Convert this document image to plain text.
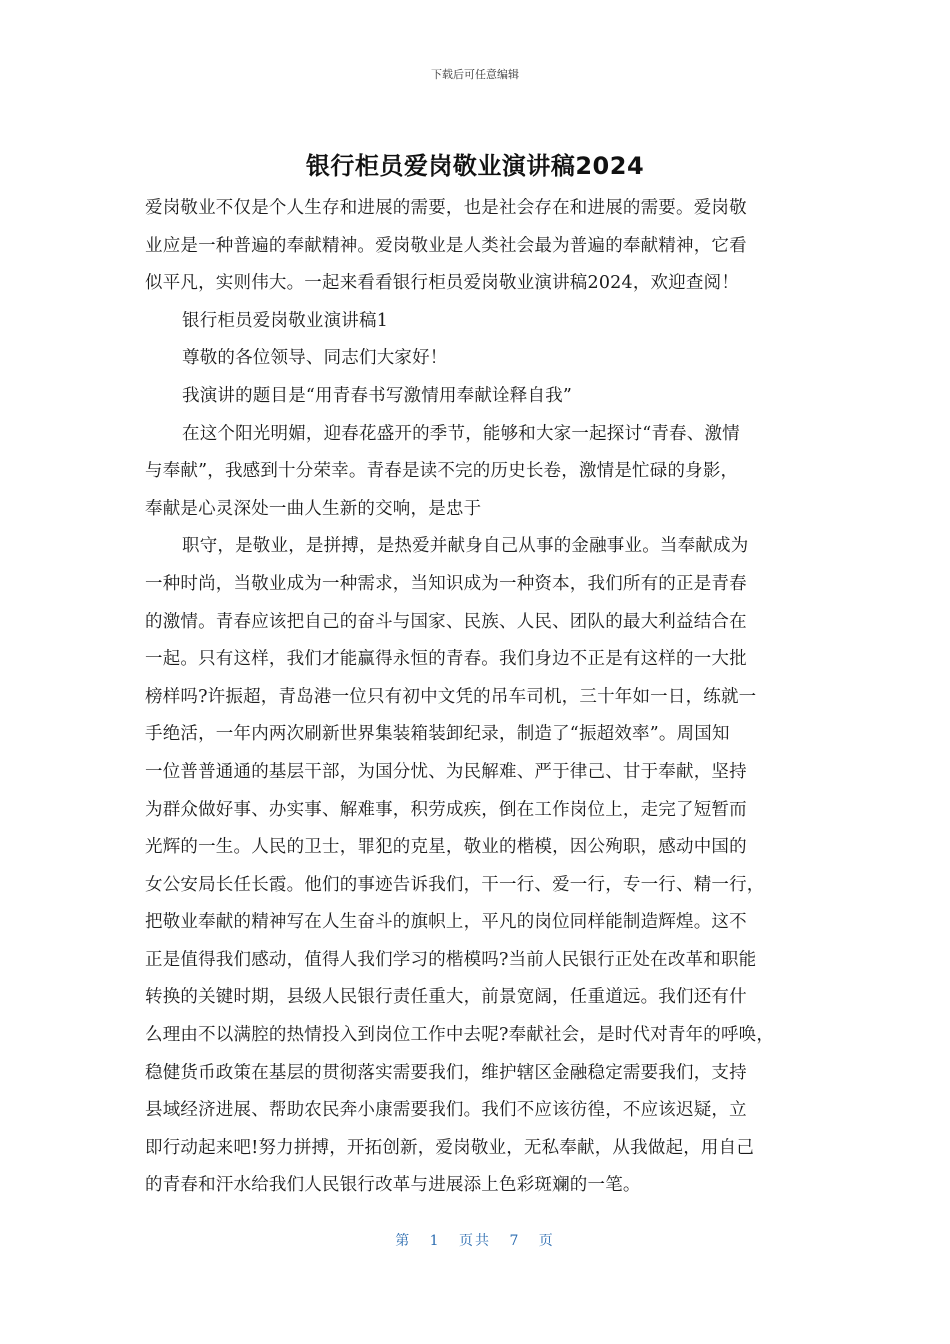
下载后可任意编辑
银行柜员爱岗敬业演讲稿2024
爱岗敬业不仅是个人生存和进展的需要，也是社会存在和进展的需要。爱岗敬
业应是一种普遍的奉献精神。爱岗敬业是人类社会最为普遍的奉献精神，它看
似平凡，实则伟大。一起来看看银行柜员爱岗敬业演讲稿2024，欢迎查阅！
银行柜员爱岗敬业演讲稿1
尊敬的各位领导、同志们大家好！
我演讲的题目是“用青春书写激情用奉献诠释自我”
在这个阳光明媚，迎春花盛开的季节，能够和大家一起探讨“青春、激情
与奉献”，我感到十分荣幸。青春是读不完的历史长卷，激情是忙碌的身影，
奉献是心灵深处一曲人生新的交响，是忠于
职守，是敬业，是拼搏，是热爱并献身自己从事的金融事业。当奉献成为
一种时尚，当敬业成为一种需求，当知识成为一种资本，我们所有的正是青春
的激情。青春应该把自己的奋斗与国家、民族、人民、团队的最大利益结合在
一起。只有这样，我们才能赢得永恒的青春。我们身边不正是有这样的一大批
榜样吗?许振超，青岛港一位只有初中文凭的吊车司机，三十年如一日，练就一
手绝活，一年内两次刷新世界集装箱装卸纪录，制造了“振超效率”。周国知
一位普普通通的基层干部，为国分忧、为民解难、严于律己、甘于奉献，坚持
为群众做好事、办实事、解难事，积劳成疾，倒在工作岗位上，走完了短暂而
光辉的一生。人民的卫士，罪犯的克星，敬业的楷模，因公殉职，感动中国的
女公安局长任长霞。他们的事迹告诉我们，干一行、爱一行，专一行、精一行，
把敬业奉献的精神写在人生奋斗的旗帜上，平凡的岗位同样能制造辉煌。这不
正是值得我们感动，值得人我们学习的楷模吗?当前人民银行正处在改革和职能
转换的关键时期，县级人民银行责任重大，前景宽阔，任重道远。我们还有什
么理由不以满腔的热情投入到岗位工作中去呢?奉献社会，是时代对青年的呼唤，
稳健货币政策在基层的贯彻落实需要我们，维护辖区金融稳定需要我们，支持
县域经济进展、帮助农民奔小康需要我们。我们不应该彷徨，不应该迟疑，立
即行动起来吧!努力拼搏，开拓创新，爱岗敬业，无私奉献，从我做起，用自己
的青春和汗水给我们人民银行改革与进展添上色彩斑斓的一笔。
第 1 页共 7 页
